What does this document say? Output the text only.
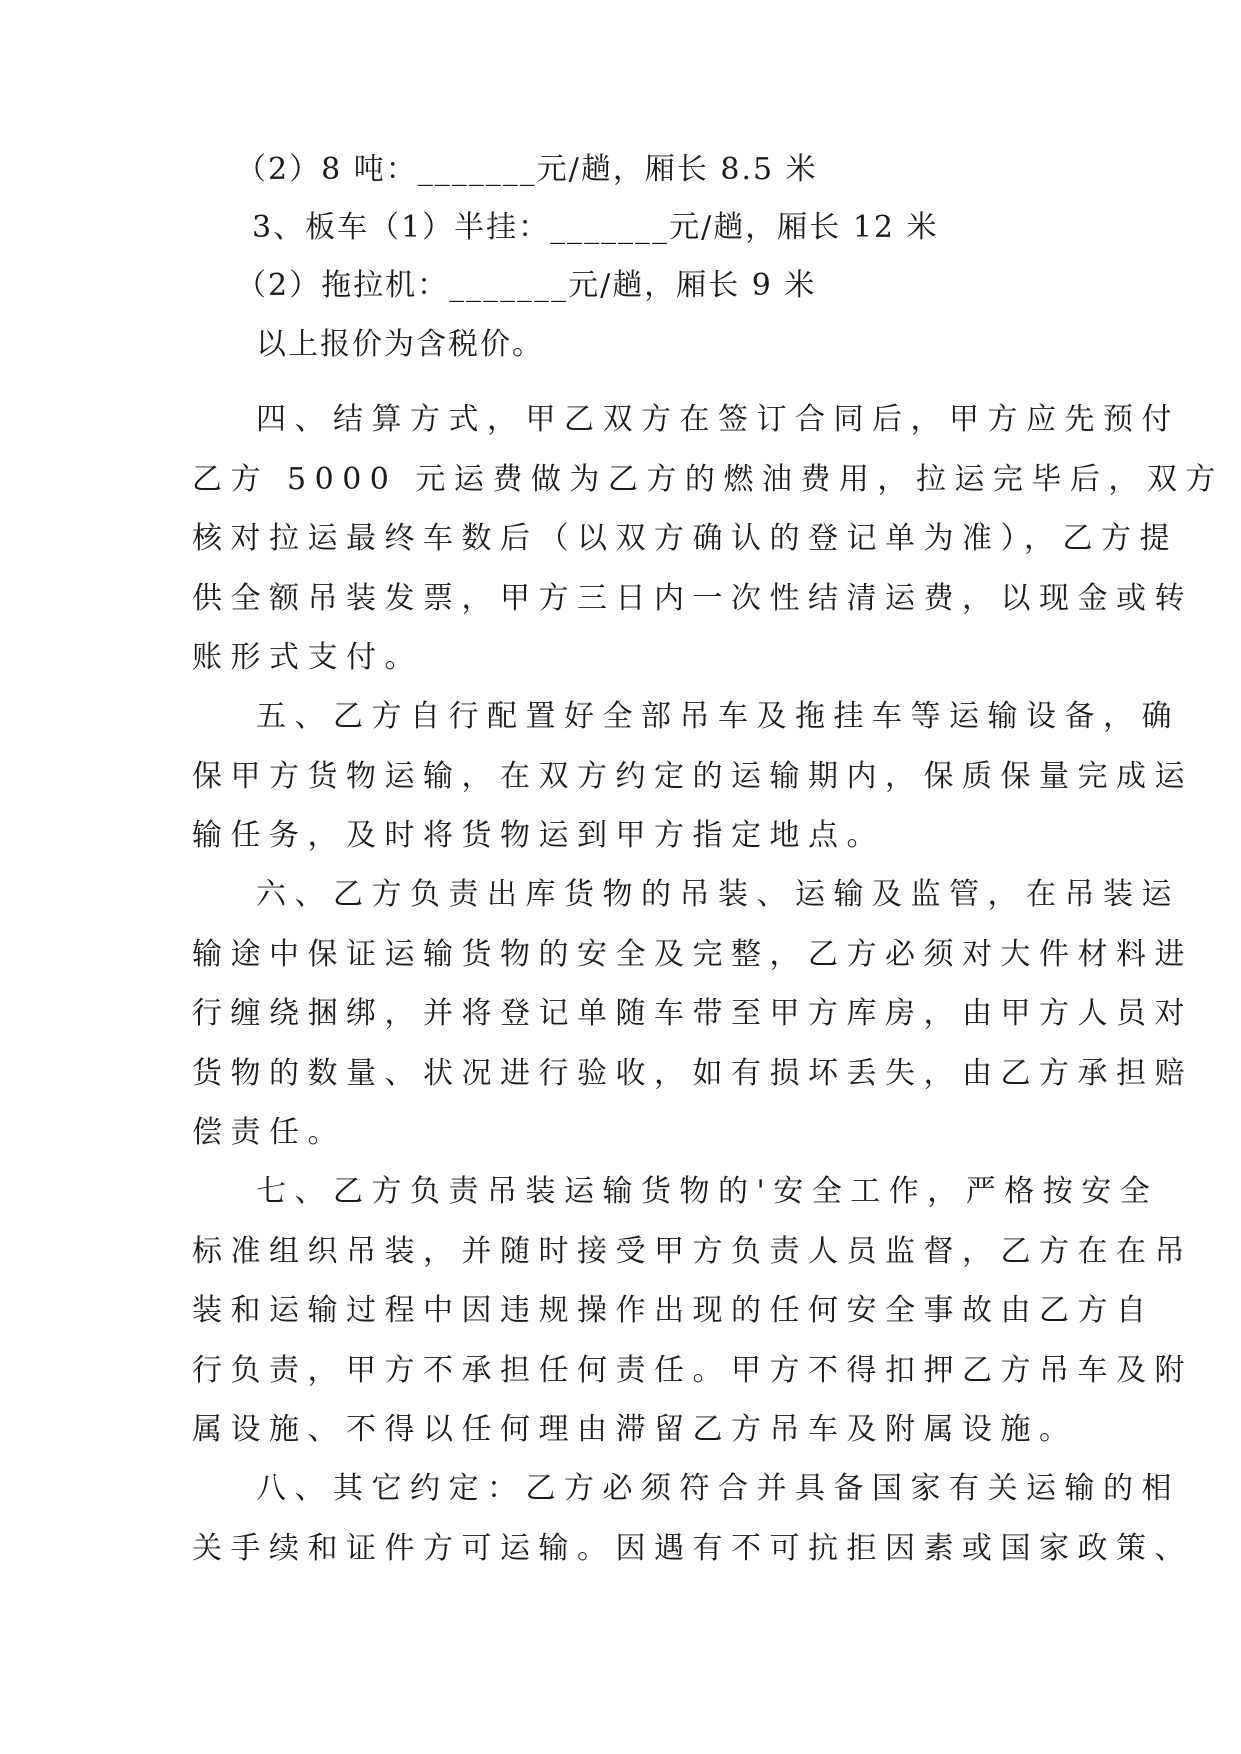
（2）8 吨：_______元/趟，厢长 8.5 米
3、板车（1）半挂：_______元/趟，厢长 12 米
（2）拖拉机：_______元/趟，厢长 9 米
以上报价为含税价。
四、结算方式，甲乙双方在签订合同后，甲方应先预付
乙方 5000 元运费做为乙方的燃油费用，拉运完毕后，双方
核对拉运最终车数后（以双方确认的登记单为准），乙方提
供全额吊装发票，甲方三日内一次性结清运费，以现金或转
账形式支付。
五、乙方自行配置好全部吊车及拖挂车等运输设备，确
保甲方货物运输，在双方约定的运输期内，保质保量完成运
输任务，及时将货物运到甲方指定地点。
六、乙方负责出库货物的吊装、运输及监管，在吊装运
输途中保证运输货物的安全及完整，乙方必须对大件材料进
行缠绕捆绑，并将登记单随车带至甲方库房，由甲方人员对
货物的数量、状况进行验收，如有损坏丢失，由乙方承担赔
偿责任。
七、乙方负责吊装运输货物的'安全工作，严格按安全
标准组织吊装，并随时接受甲方负责人员监督，乙方在在吊
装和运输过程中因违规操作出现的任何安全事故由乙方自
行负责，甲方不承担任何责任。甲方不得扣押乙方吊车及附
属设施、不得以任何理由滞留乙方吊车及附属设施。
八、其它约定：乙方必须符合并具备国家有关运输的相
关手续和证件方可运输。因遇有不可抗拒因素或国家政策、
